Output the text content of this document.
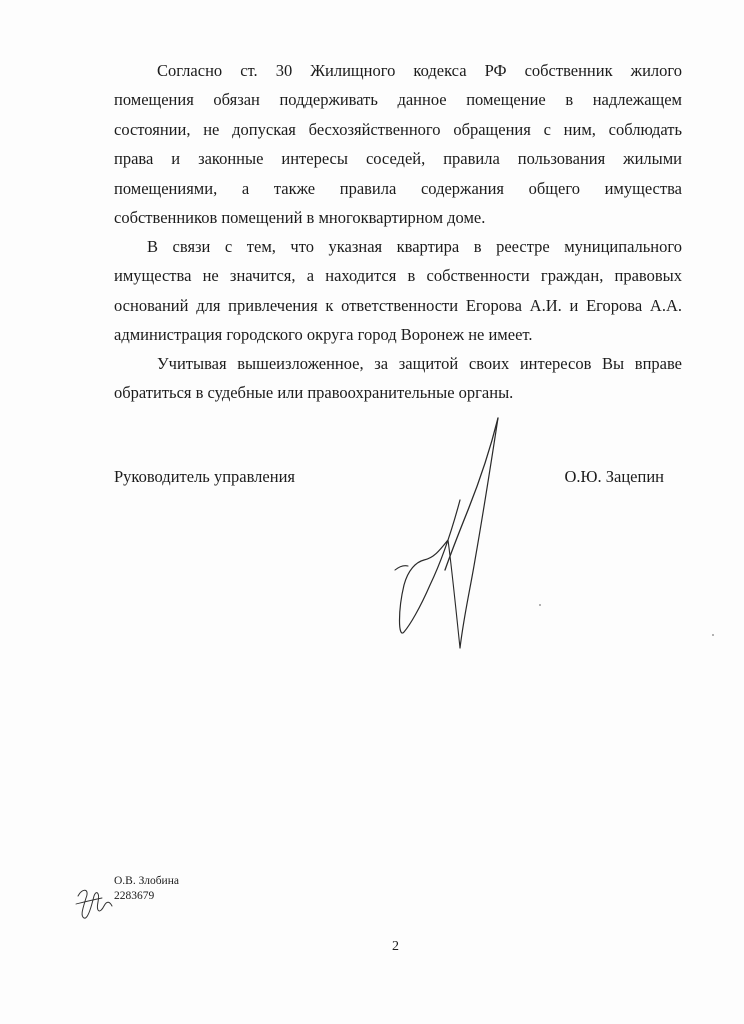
Согласно ст. 30 Жилищного кодекса РФ собственник жилого
помещения обязан поддерживать данное помещение в надлежащем
состоянии, не допуская бесхозяйственного обращения с ним, соблюдать
права и законные интересы соседей, правила пользования жилыми
помещениями, а также правила содержания общего имущества
собственников помещений в многоквартирном доме.
В связи с тем, что указная квартира в реестре муниципального
имущества не значится, а находится в собственности граждан, правовых
оснований для привлечения к ответственности Егорова А.И. и Егорова А.А.
администрация городского округа город Воронеж не имеет.
Учитывая вышеизложенное, за защитой своих интересов Вы вправе
обратиться в судебные или правоохранительные органы.
Руководитель управления	О.Ю. Зацепин
О.В. Злобина
2283679
2
